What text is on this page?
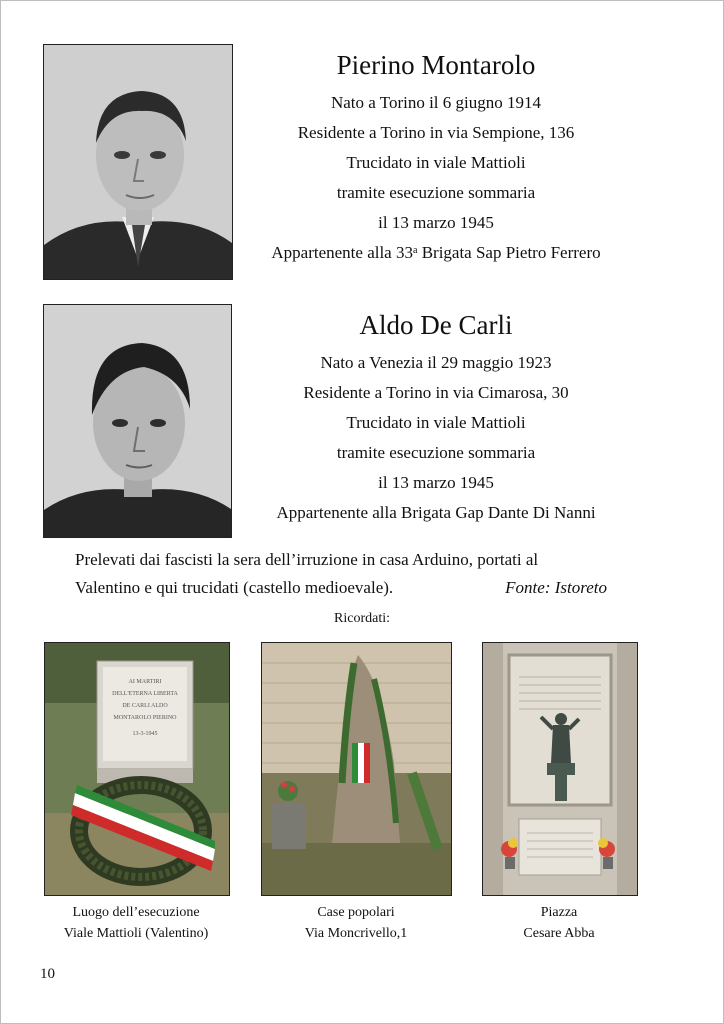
Pierino Montarolo
Nato a Torino il 6 giugno 1914
Residente a Torino in via Sempione, 136
Trucidato in viale Mattioli
tramite esecuzione sommaria
il 13 marzo 1945
Appartenente alla 33$^a$ Brigata Sap Pietro Ferrero
Aldo De Carli
Nato a Venezia il 29 maggio 1923
Residente a Torino in via Cimarosa, 30
Trucidato in viale Mattioli
tramite esecuzione sommaria
il 13 marzo 1945
Appartenente alla Brigata Gap Dante Di Nanni
Prelevati dai fascisti la sera dell’irruzione in casa Arduino, portati al
Valentino e qui trucidati (castello medioevale).	Fonte: Istoreto
Ricordati:
AI MARTIRI
DELL'ETERNA LIBERTA
DE CARLI ALDO
MONTAROLO PIERINO
13-3-1945
Luogo dell’esecuzione
Viale Mattioli (Valentino)
Case popolari
Via Moncrivello,1
Piazza
Cesare Abba
10
